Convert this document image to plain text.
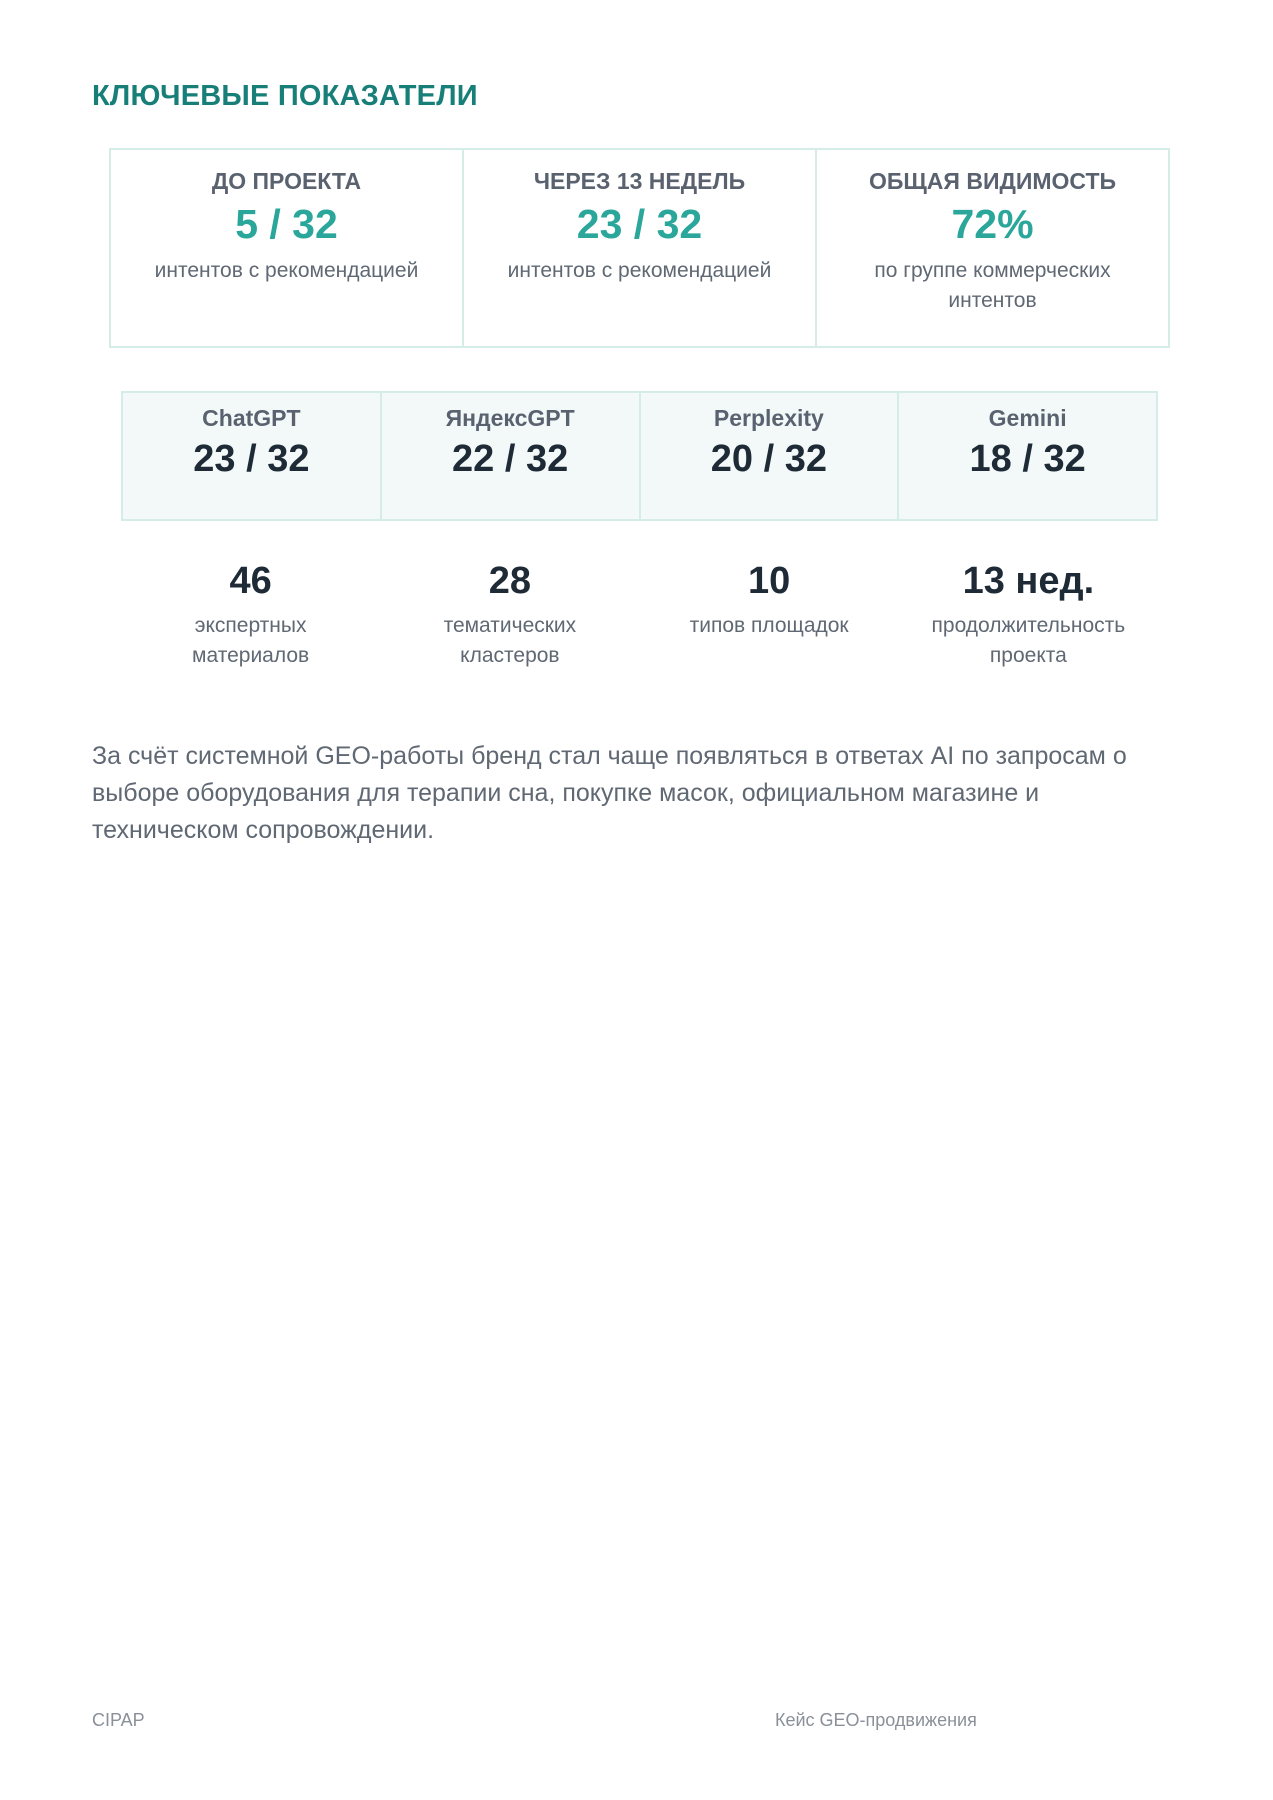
КЛЮЧЕВЫЕ ПОКАЗАТЕЛИ
ДО ПРОЕКТА
5 / 32
интентов с рекомендацией
ЧЕРЕЗ 13 НЕДЕЛЬ
23 / 32
интентов с рекомендацией
ОБЩАЯ ВИДИМОСТЬ
72%
по группе коммерческих интентов
ChatGPT
23 / 32
ЯндексGPT
22 / 32
Perplexity
20 / 32
Gemini
18 / 32
46
экспертных материалов
28
тематических кластеров
10
типов площадок
13 нед.
продолжительность проекта
За счёт системной GEO-работы бренд стал чаще появляться в ответах AI по запросам о выборе оборудования для терапии сна, покупке масок, официальном магазине и техническом сопровождении.
CIPAP	Кейс GEO-продвижения
